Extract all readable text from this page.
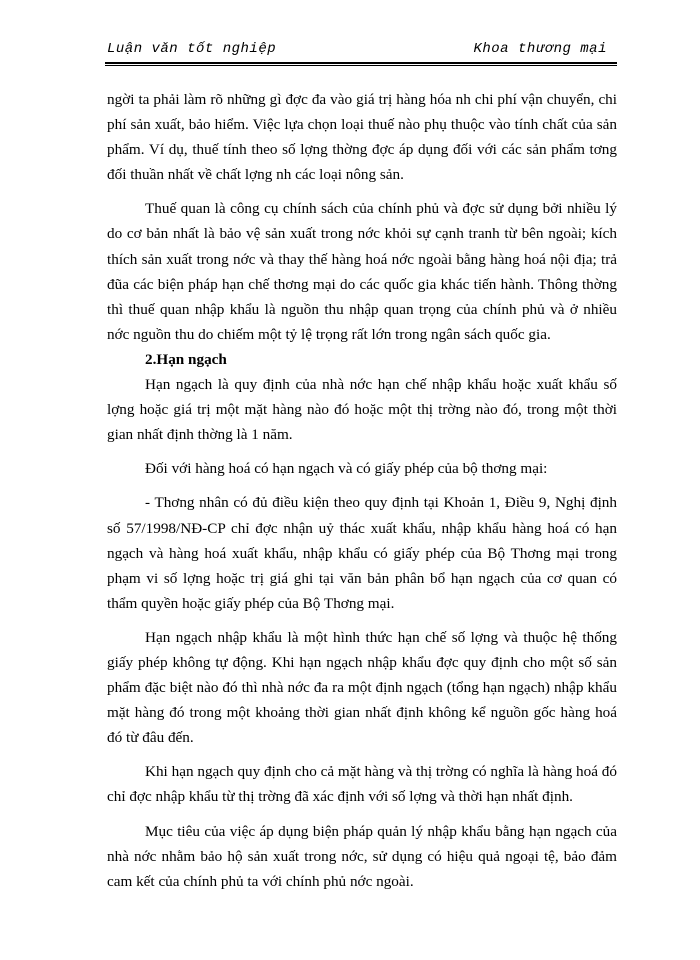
Luận văn tốt nghiệp	Khoa thương mại

ngời ta phải làm rõ những gì đợc đa vào giá trị hàng hóa nh chi phí vận chuyển, chi phí sản xuất, bảo hiểm. Việc lựa chọn loại thuế nào phụ thuộc vào tính chất của sản phẩm. Ví dụ, thuế tính theo số lợng thờng đợc áp dụng đối với các sản phẩm tơng đối thuần nhất về chất lợng nh các loại nông sản.

Thuế quan là công cụ chính sách của chính phủ và đợc sử dụng bởi nhiều lý do cơ bản nhất là bảo vệ sản xuất trong nớc khỏi sự cạnh tranh từ bên ngoài; kích thích sản xuất trong nớc và thay thế hàng hoá nớc ngoài bằng hàng hoá nội địa; trả đũa các biện pháp hạn chế thơng mại do các quốc gia khác tiến hành. Thông thờng thì thuế quan nhập khẩu là nguồn thu nhập quan trọng của chính phủ và ở nhiều nớc nguồn thu do chiếm một tỷ lệ trọng rất lớn trong ngân sách quốc gia.

2.Hạn ngạch

Hạn ngạch là quy định của nhà nớc hạn chế nhập khẩu hoặc xuất khẩu số lợng hoặc giá trị một mặt hàng nào đó hoặc một thị trờng nào đó, trong một thời gian nhất định thờng là 1 năm.

Đối với hàng hoá có hạn ngạch và có giấy phép của bộ thơng mại:

- Thơng nhân có đủ điều kiện theo quy định tại Khoản 1, Điều 9, Nghị định số 57/1998/NĐ-CP chỉ đợc nhận uỷ thác xuất khẩu, nhập khẩu hàng hoá có hạn ngạch và hàng hoá xuất khẩu, nhập khẩu có giấy phép của Bộ Thơng mại trong phạm vi số lợng hoặc trị giá ghi tại văn bản phân bổ hạn ngạch của cơ quan có thẩm quyền hoặc giấy phép của Bộ Thơng mại.

Hạn ngạch nhập khẩu là một hình thức hạn chế số lợng và thuộc hệ thống giấy phép không tự động. Khi hạn ngạch nhập khẩu đợc quy định cho một số sản phẩm đặc biệt nào đó thì nhà nớc đa ra một định ngạch (tổng hạn ngạch) nhập khẩu mặt hàng đó trong một khoảng thời gian nhất định không kể nguồn gốc hàng hoá đó từ đâu đến.

Khi hạn ngạch quy định cho cả mặt hàng và thị trờng có nghĩa là hàng hoá đó chỉ đợc nhập khẩu từ thị trờng đã xác định với số lợng và thời hạn nhất định.

Mục tiêu của việc áp dụng biện pháp quản lý nhập khẩu bằng hạn ngạch của nhà nớc nhằm bảo hộ sản xuất trong nớc, sử dụng có hiệu quả ngoại tệ, bảo đảm cam kết của chính phủ ta với chính phủ nớc ngoài.
